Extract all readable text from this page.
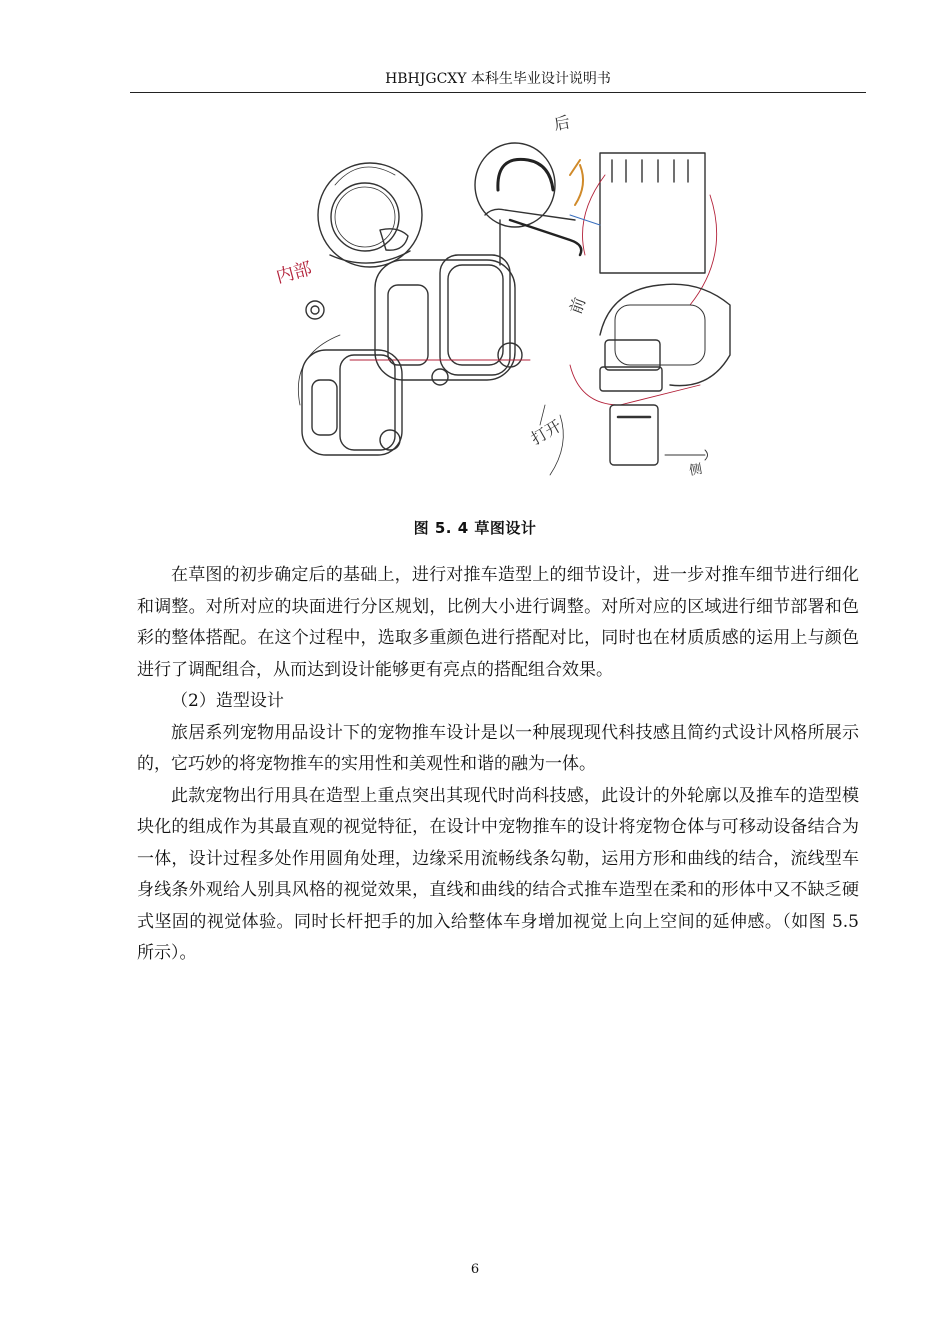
HBHJGCXY 本科生毕业设计说明书
内部
后
前
侧
打开
图 5. 4 草图设计

在草图的初步确定后的基础上，进行对推车造型上的细节设计，进一步对推车细节进行细化和调整。对所对应的块面进行分区规划，比例大小进行调整。对所对应的区域进行细节部署和色彩的整体搭配。在这个过程中，选取多重颜色进行搭配对比，同时也在材质质感的运用上与颜色进行了调配组合，从而达到设计能够更有亮点的搭配组合效果。

（2）造型设计

旅居系列宠物用品设计下的宠物推车设计是以一种展现现代科技感且简约式设计风格所展示的，它巧妙的将宠物推车的实用性和美观性和谐的融为一体。

此款宠物出行用具在造型上重点突出其现代时尚科技感，此设计的外轮廓以及推车的造型模块化的组成作为其最直观的视觉特征，在设计中宠物推车的设计将宠物仓体与可移动设备结合为一体，设计过程多处作用圆角处理，边缘采用流畅线条勾勒，运用方形和曲线的结合，流线型车身线条外观给人别具风格的视觉效果，直线和曲线的结合式推车造型在柔和的形体中又不缺乏硬式坚固的视觉体验。同时长杆把手的加入给整体车身增加视觉上向上空间的延伸感。（如图 5.5 所示）。

6
